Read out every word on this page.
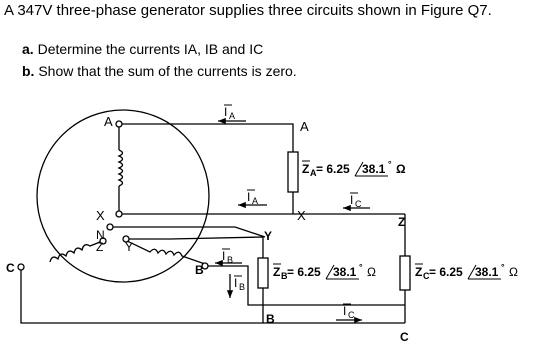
A 347V three-phase generator supplies three circuits shown in Figure Q7.
a. Determine the currents IA, IB and IC
b. Show that the sum of the currents is zero.
A	A
X	X
Z
N
Y
Y
Z
B
B
C
C
I A
I A	I C
I B
I B
I C
Z A = 6.25 38.1 ° Ω
Z B = 6.25 38.1 ° Ω	Z C = 6.25 38.1 ° Ω
